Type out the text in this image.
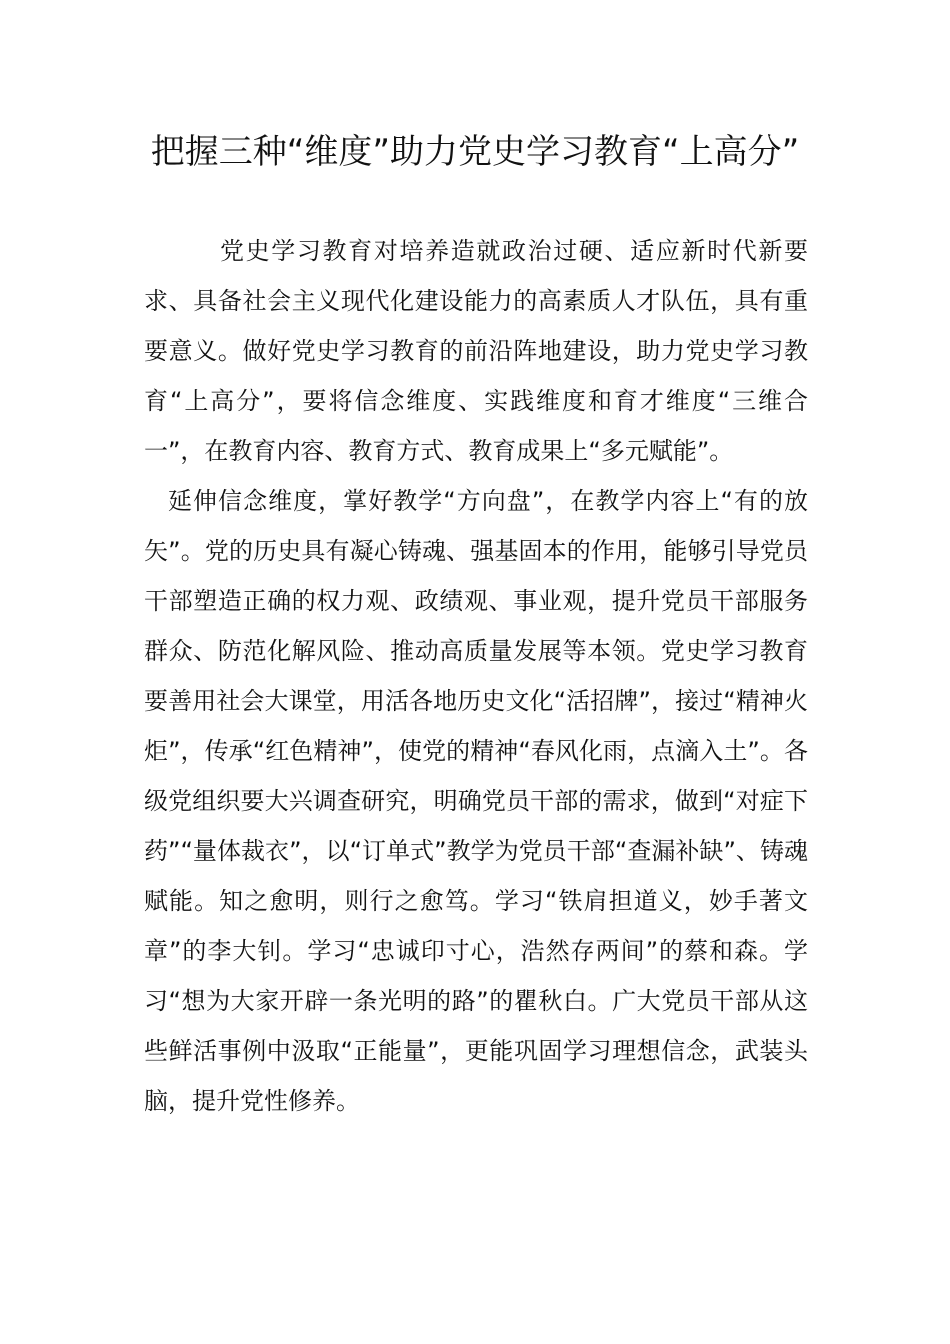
把握三种“维度”助力党史学习教育“上高分”

党史学习教育对培养造就政治过硬、适应新时代新要求、具备社会主义现代化建设能力的高素质人才队伍，具有重要意义。做好党史学习教育的前沿阵地建设，助力党史学习教育“上高分”，要将信念维度、实践维度和育才维度“三维合一”，在教育内容、教育方式、教育成果上“多元赋能”。

延伸信念维度，掌好教学“方向盘”，在教学内容上“有的放矢”。党的历史具有凝心铸魂、强基固本的作用，能够引导党员干部塑造正确的权力观、政绩观、事业观，提升党员干部服务群众、防范化解风险、推动高质量发展等本领。党史学习教育要善用社会大课堂，用活各地历史文化“活招牌”，接过“精神火炬”，传承“红色精神”，使党的精神“春风化雨，点滴入土”。各级党组织要大兴调查研究，明确党员干部的需求，做到“对症下药”“量体裁衣”，以“订单式”教学为党员干部“查漏补缺”、铸魂赋能。知之愈明，则行之愈笃。学习“铁肩担道义，妙手著文章”的李大钊。学习“忠诚印寸心，浩然存两间”的蔡和森。学习“想为大家开辟一条光明的路”的瞿秋白。广大党员干部从这些鲜活事例中汲取“正能量”，更能巩固学习理想信念，武装头脑，提升党性修养。
